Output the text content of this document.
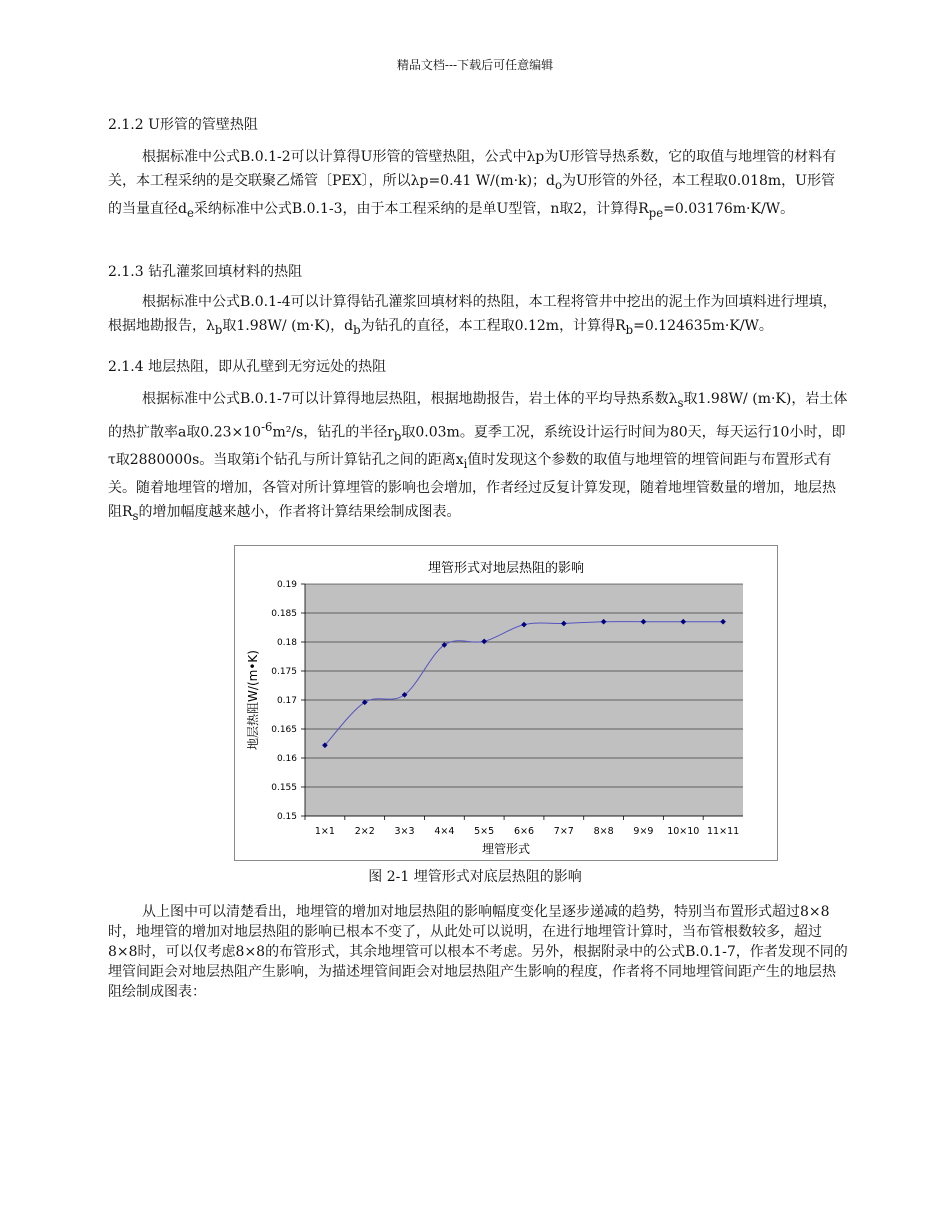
精品文档---下载后可任意编辑

2.1.2 U形管的管壁热阻

根据标准中公式B.0.1-2可以计算得U形管的管壁热阻，公式中λp为U形管导热系数，它的取值与地埋管的材料有关，本工程采纳的是交联聚乙烯管〔PEX〕，所以λp=0.41 W/(m·k)；$d_o$为U形管的外径，本工程取0.018m，U形管的当量直径$d_e$采纳标准中公式B.0.1-3，由于本工程采纳的是单U型管，n取2，计算得$R_{pe}=0.03176m\cdot K/W$。

2.1.3 钻孔灌浆回填材料的热阻

根据标准中公式B.0.1-4可以计算得钻孔灌浆回填材料的热阻，本工程将管井中挖出的泥土作为回填料进行埋填，根据地勘报告，$\lambda_b$取1.98W/ (m·K)，$d_b$为钻孔的直径，本工程取0.12m，计算得$R_b=0.124635m\cdot K/W$。

2.1.4 地层热阻，即从孔壁到无穷远处的热阻

根据标准中公式B.0.1-7可以计算得地层热阻，根据地勘报告，岩土体的平均导热系数$\lambda_s$取1.98W/ (m·K)，岩土体的热扩散率a取$0.23\times 10^{-6}m^2/s$，钻孔的半径$r_b$取0.03m。夏季工况，系统设计运行时间为80天，每天运行10小时，即τ取2880000s。当取第i个钻孔与所计算钻孔之间的距离$x_i$值时发现这个参数的取值与地埋管的埋管间距与布置形式有关。随着地埋管的增加，各管对所计算埋管的影响也会增加，作者经过反复计算发现，随着地埋管数量的增加，地层热阻$R_s$的增加幅度越来越小，作者将计算结果绘制成图表。

埋管形式对地层热阻的影响
埋管形式
地层热阻W/(m•K)
0.15
0.155
0.16
0.165
0.17
0.175
0.18
0.185
0.19
1×1 2×2 3×3 4×4 5×5 6×6 7×7 8×8 9×9 10×10 11×11
图 2-1 埋管形式对底层热阻的影响

从上图中可以清楚看出，地埋管的增加对地层热阻的影响幅度变化呈逐步递减的趋势，特别当布置形式超过8×8时，地埋管的增加对地层热阻的影响已根本不变了，从此处可以说明，在进行地埋管计算时，当布管根数较多，超过8×8时，可以仅考虑8×8的布管形式，其余地埋管可以根本不考虑。另外，根据附录中的公式B.0.1-7，作者发现不同的埋管间距会对地层热阻产生影响，为描述埋管间距会对地层热阻产生影响的程度，作者将不同地埋管间距产生的地层热阻绘制成图表：
